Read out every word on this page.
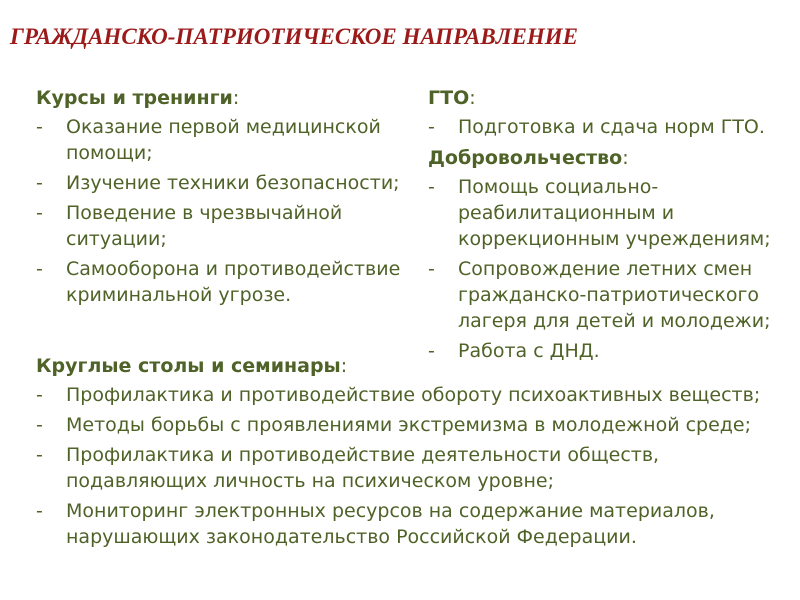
ГРАЖДАНСКО-ПАТРИОТИЧЕСКОЕ НАПРАВЛЕНИЕ
Курсы и тренинги:
- Оказание первой медицинской помощи;
- Изучение техники безопасности;
- Поведение в чрезвычайной ситуации;
- Самооборона и противодействие криминальной угрозе.
ГТО:
- Подготовка и сдача норм ГТО.
Добровольчество:
- Помощь социально-реабилитационным и коррекционным учреждениям;
- Сопровождение летних смен гражданско-патриотического лагеря для детей и молодежи;
- Работа с ДНД.
Круглые столы и семинары:
- Профилактика и противодействие обороту психоактивных веществ;
- Методы борьбы с проявлениями экстремизма в молодежной среде;
- Профилактика и противодействие деятельности обществ, подавляющих личность на психическом уровне;
- Мониторинг электронных ресурсов на содержание материалов, нарушающих законодательство Российской Федерации.
